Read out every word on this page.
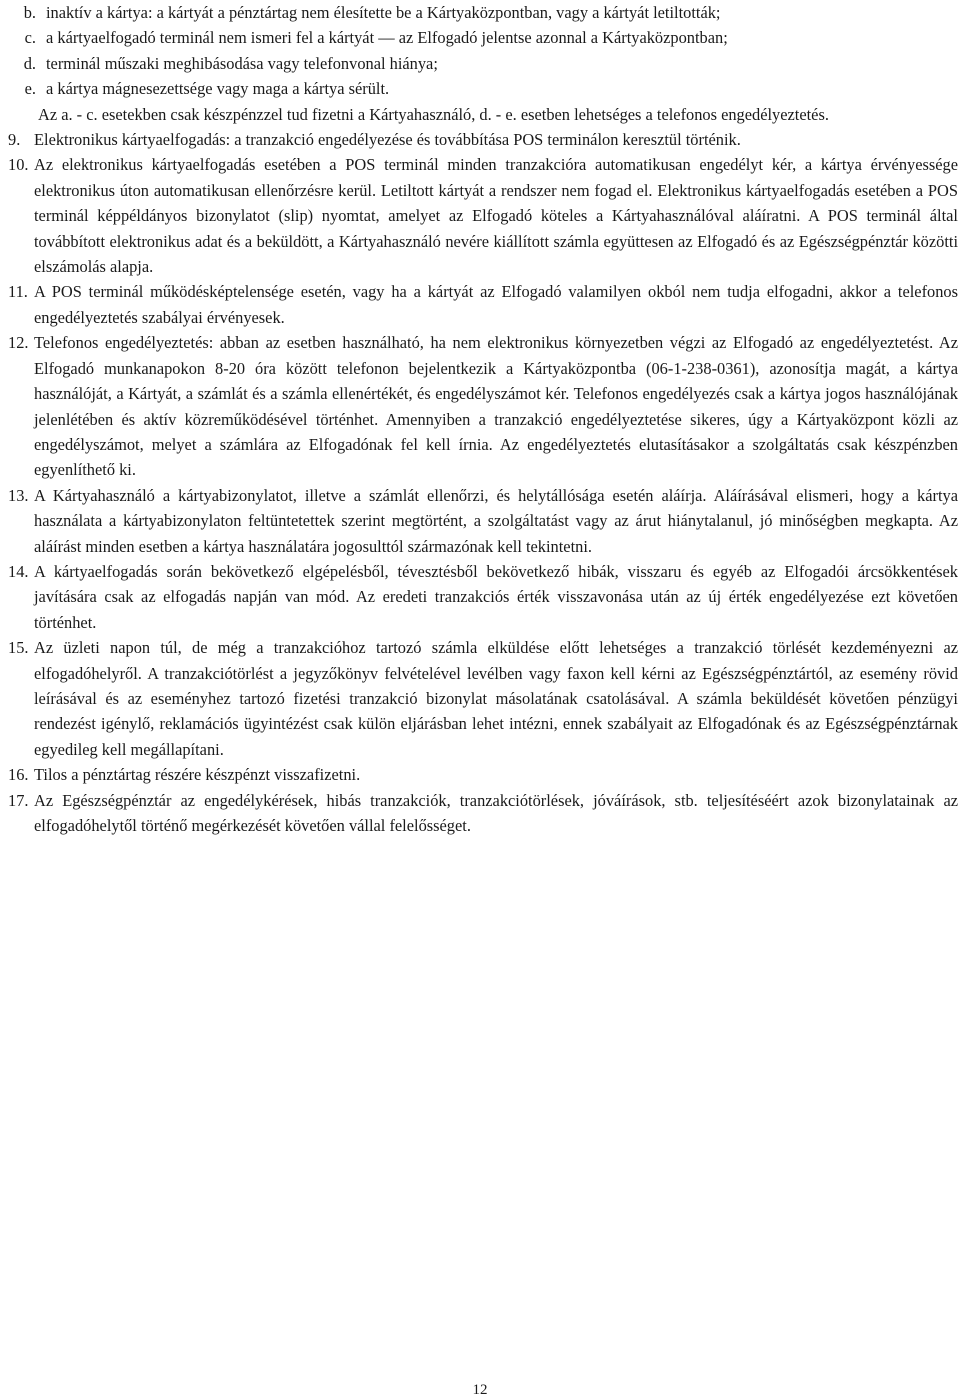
b. inaktív a kártya: a kártyát a pénztártag nem élesítette be a Kártyaközpontban, vagy a kártyát letiltották;
c. a kártyaelfogadó terminál nem ismeri fel a kártyát — az Elfogadó jelentse azonnal a Kártyaközpontban;
d. terminál műszaki meghibásodása vagy telefonvonal hiánya;
e. a kártya mágnesezettsége vagy maga a kártya sérült.
Az a. - c. esetekben csak készpénzzel tud fizetni a Kártyahasználó, d. - e. esetben lehetséges a telefonos engedélyeztetés.
9. Elektronikus kártyaelfogadás: a tranzakció engedélyezése és továbbítása POS terminálon keresztül történik.
10. Az elektronikus kártyaelfogadás esetében a POS terminál minden tranzakcióra automatikusan engedélyt kér, a kártya érvényessége elektronikus úton automatikusan ellenőrzésre kerül. Letiltott kártyát a rendszer nem fogad el. Elektronikus kártyaelfogadás esetében a POS terminál képpéldányos bizonylatot (slip) nyomtat, amelyet az Elfogadó köteles a Kártyahasználóval aláíratni. A POS terminál által továbbított elektronikus adat és a beküldött, a Kártyahasználó nevére kiállított számla együttesen az Elfogadó és az Egészségpénztár közötti elszámolás alapja.
11. A POS terminál működésképtelensége esetén, vagy ha a kártyát az Elfogadó valamilyen okból nem tudja elfogadni, akkor a telefonos engedélyeztetés szabályai érvényesek.
12. Telefonos engedélyeztetés: abban az esetben használható, ha nem elektronikus környezetben végzi az Elfogadó az engedélyeztetést. Az Elfogadó munkanapokon 8-20 óra között telefonon bejelentkezik a Kártyaközpontba (06-1-238-0361), azonosítja magát, a kártya használóját, a Kártyát, a számlát és a számla ellenértékét, és engedélyszámot kér. Telefonos engedélyezés csak a kártya jogos használójának jelenlétében és aktív közreműködésével történhet. Amennyiben a tranzakció engedélyeztetése sikeres, úgy a Kártyaközpont közli az engedélyszámot, melyet a számlára az Elfogadónak fel kell írnia. Az engedélyeztetés elutasításakor a szolgáltatás csak készpénzben egyenlíthető ki.
13. A Kártyahasználó a kártyabizonylatot, illetve a számlát ellenőrzi, és helytállósága esetén aláírja. Aláírásával elismeri, hogy a kártya használata a kártyabizonylaton feltüntetettek szerint megtörtént, a szolgáltatást vagy az árut hiánytalanul, jó minőségben megkapta. Az aláírást minden esetben a kártya használatára jogosulttól származónak kell tekintetni.
14. A kártyaelfogadás során bekövetkező elgépelésből, tévesztésből bekövetkező hibák, visszaru és egyéb az Elfogadói árcsökkentések javítására csak az elfogadás napján van mód. Az eredeti tranzakciós érték visszavonása után az új érték engedélyezése ezt követően történhet.
15. Az üzleti napon túl, de még a tranzakcióhoz tartozó számla elküldése előtt lehetséges a tranzakció törlését kezdeményezni az elfogadóhelyről. A tranzakciótörlést a jegyzőkönyv felvételével levélben vagy faxon kell kérni az Egészségpénztártól, az esemény rövid leírásával és az eseményhez tartozó fizetési tranzakció bizonylat másolatának csatolásával. A számla beküldését követően pénzügyi rendezést igénylő, reklamációs ügyintézést csak külön eljárásban lehet intézni, ennek szabályait az Elfogadónak és az Egészségpénztárnak egyedileg kell megállapítani.
16. Tilos a pénztártag részére készpénzt visszafizetni.
17. Az Egészségpénztár az engedélykérések, hibás tranzakciók, tranzakciótörlések, jóváírások, stb. teljesítéséért azok bizonylatainak az elfogadóhelytől történő megérkezését követően vállal felelősséget.
12
